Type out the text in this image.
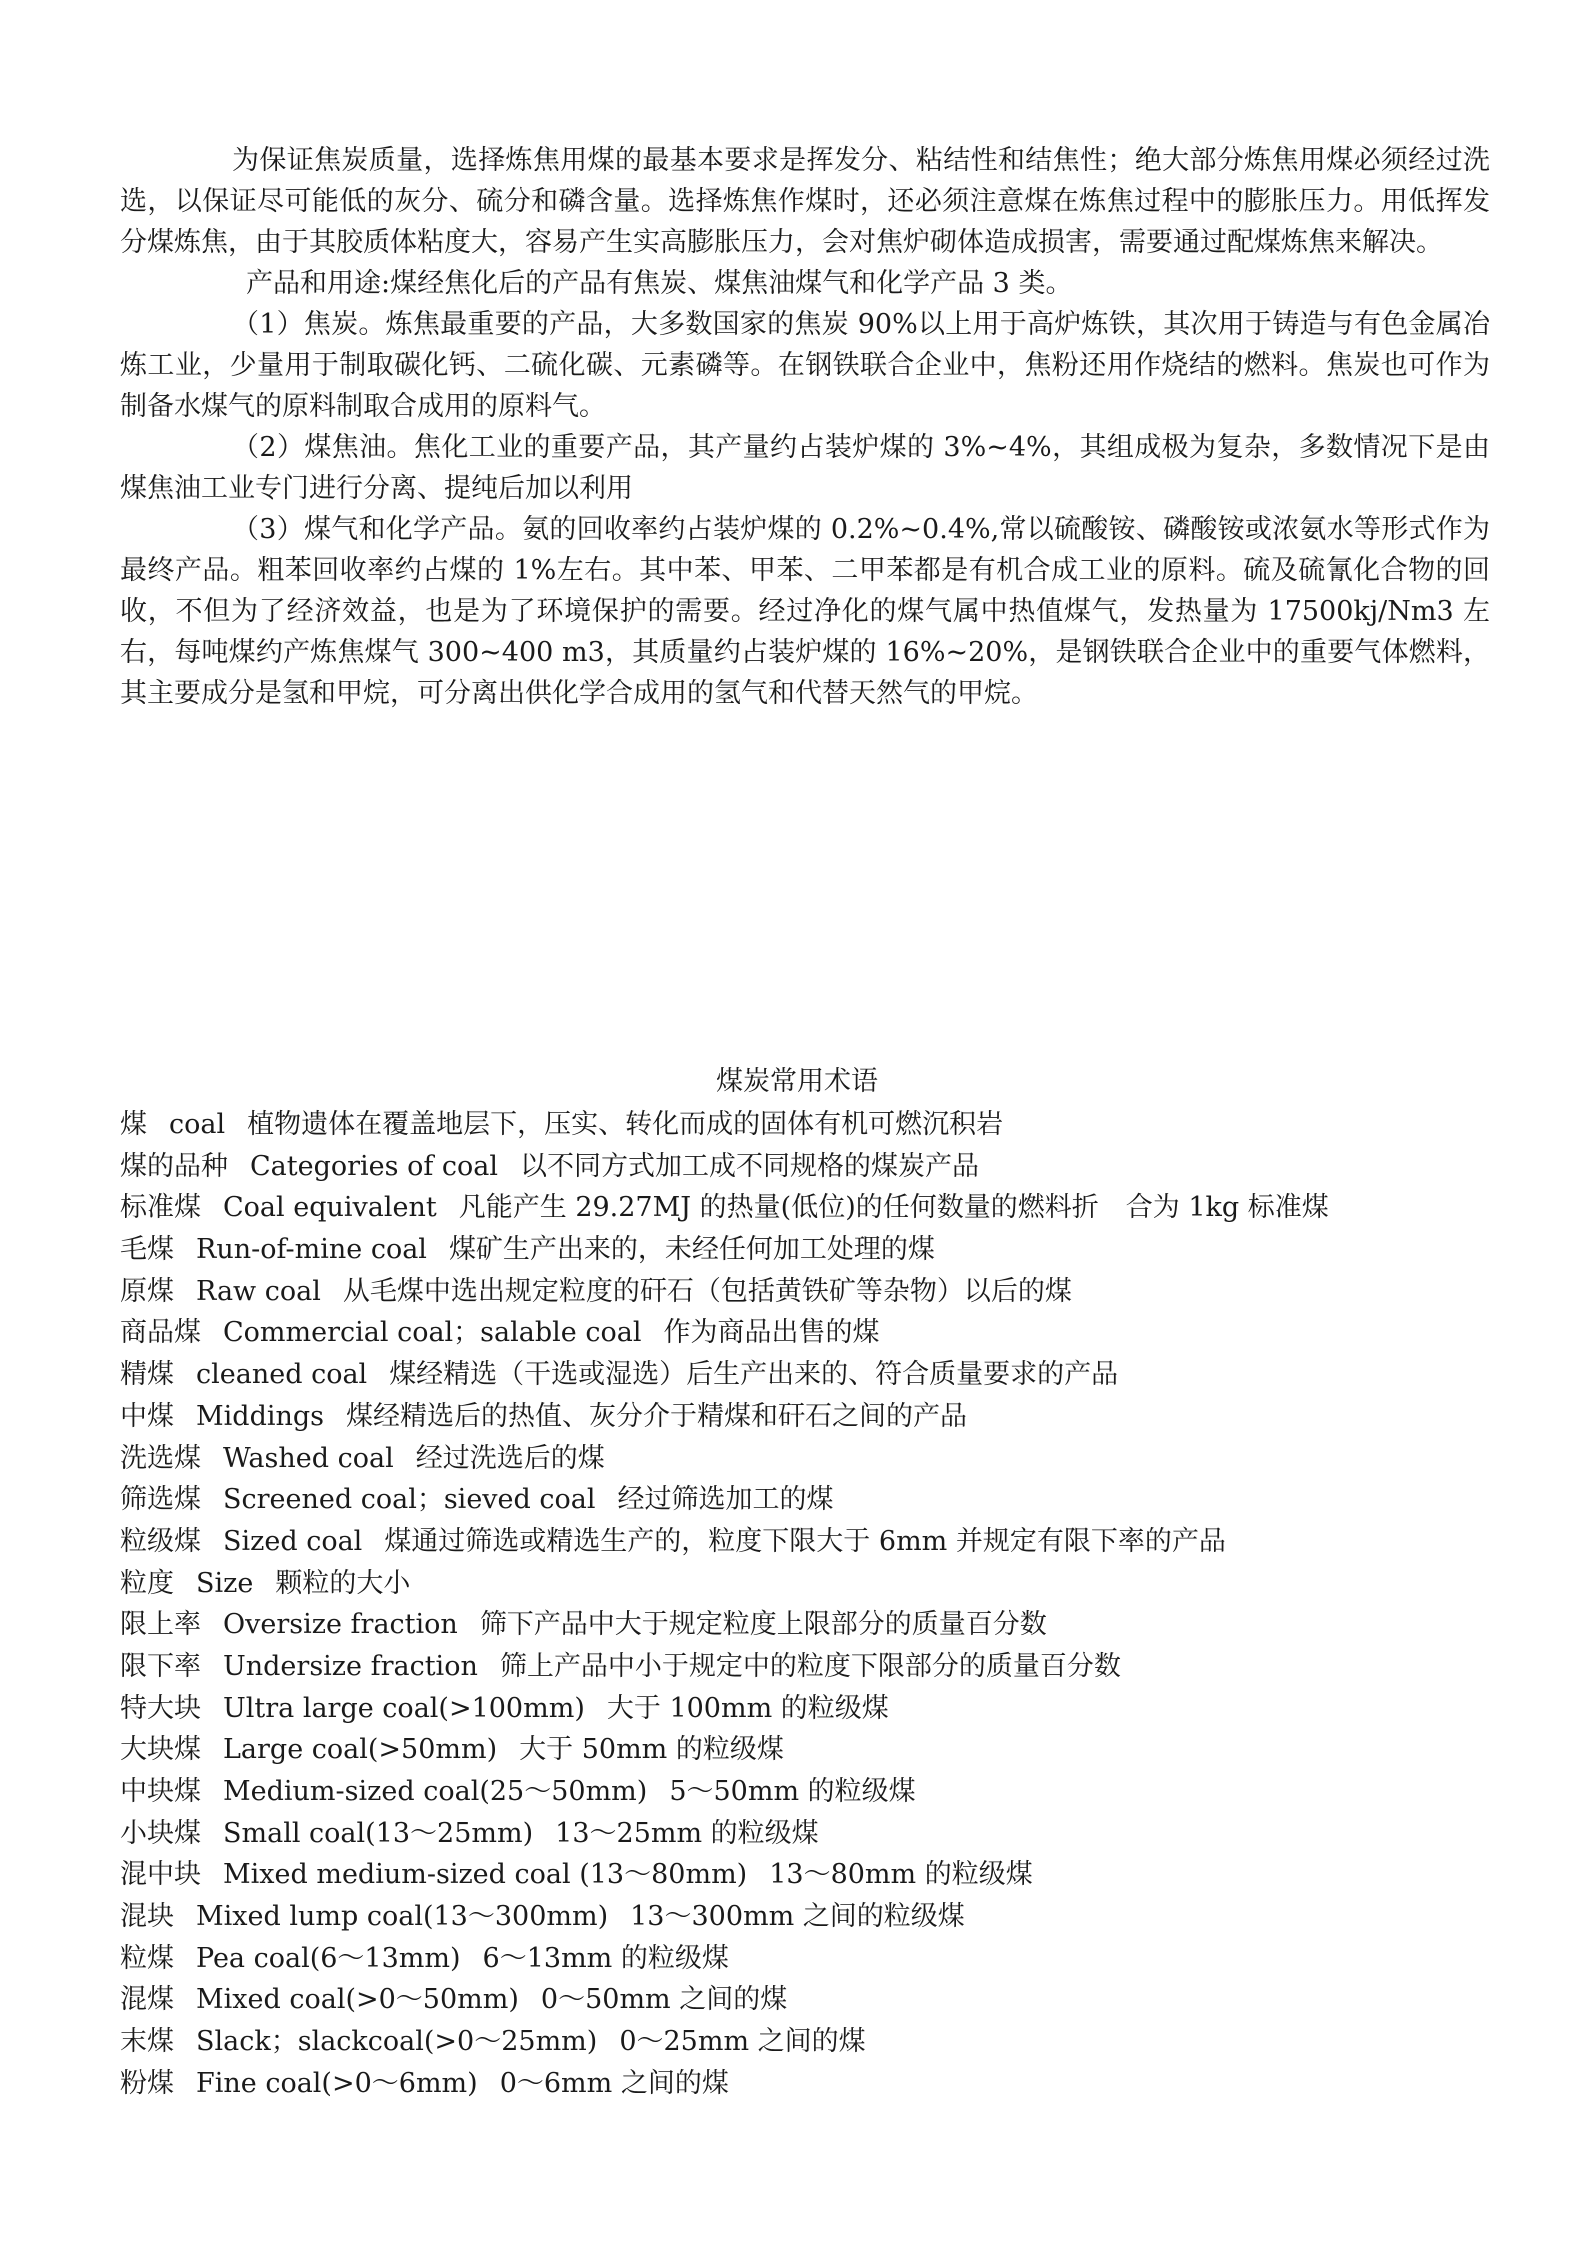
为保证焦炭质量，选择炼焦用煤的最基本要求是挥发分、粘结性和结焦性；绝大部分炼焦用煤必须经过洗选，以保证尽可能低的灰分、硫分和磷含量。选择炼焦作煤时，还必须注意煤在炼焦过程中的膨胀压力。用低挥发分煤炼焦，由于其胶质体粘度大，容易产生实高膨胀压力，会对焦炉砌体造成损害，需要通过配煤炼焦来解决。

产品和用途:煤经焦化后的产品有焦炭、煤焦油煤气和化学产品 3 类。

（1）焦炭。炼焦最重要的产品，大多数国家的焦炭 90%以上用于高炉炼铁，其次用于铸造与有色金属冶炼工业，少量用于制取碳化钙、二硫化碳、元素磷等。在钢铁联合企业中，焦粉还用作烧结的燃料。焦炭也可作为制备水煤气的原料制取合成用的原料气。

（2）煤焦油。焦化工业的重要产品，其产量约占装炉煤的 3%~4%，其组成极为复杂，多数情况下是由煤焦油工业专门进行分离、提纯后加以利用

（3）煤气和化学产品。氨的回收率约占装炉煤的 0.2%~0.4%,常以硫酸铵、磷酸铵或浓氨水等形式作为最终产品。粗苯回收率约占煤的 1%左右。其中苯、甲苯、二甲苯都是有机合成工业的原料。硫及硫氰化合物的回收，不但为了经济效益，也是为了环境保护的需要。经过净化的煤气属中热值煤气，发热量为 17500kj/Nm3 左右，每吨煤约产炼焦煤气 300~400 m3，其质量约占装炉煤的 16%~20%，是钢铁联合企业中的重要气体燃料，其主要成分是氢和甲烷，可分离出供化学合成用的氢气和代替天然气的甲烷。

煤炭常用术语

煤 coal 植物遗体在覆盖地层下，压实、转化而成的固体有机可燃沉积岩
煤的品种 Categories of coal 以不同方式加工成不同规格的煤炭产品
标准煤 Coal equivalent 凡能产生 29.27MJ 的热量(低位)的任何数量的燃料折　合为 1kg 标准煤
毛煤 Run-of-mine coal 煤矿生产出来的，未经任何加工处理的煤
原煤 Raw coal 从毛煤中选出规定粒度的矸石（包括黄铁矿等杂物）以后的煤
商品煤 Commercial coal；salable coal 作为商品出售的煤
精煤 cleaned coal 煤经精选（干选或湿选）后生产出来的、符合质量要求的产品
中煤 Middings 煤经精选后的热值、灰分介于精煤和矸石之间的产品
洗选煤 Washed coal 经过洗选后的煤
筛选煤 Screened coal；sieved coal 经过筛选加工的煤
粒级煤 Sized coal 煤通过筛选或精选生产的，粒度下限大于 6mm 并规定有限下率的产品
粒度 Size 颗粒的大小
限上率 Oversize fraction 筛下产品中大于规定粒度上限部分的质量百分数
限下率 Undersize fraction 筛上产品中小于规定中的粒度下限部分的质量百分数
特大块 Ultra large coal(>100mm) 大于 100mm 的粒级煤
大块煤 Large coal(>50mm) 大于 50mm 的粒级煤
中块煤 Medium-sized coal(25～50mm) 5～50mm 的粒级煤
小块煤 Small coal(13～25mm) 13～25mm 的粒级煤
混中块 Mixed medium-sized coal (13～80mm) 13～80mm 的粒级煤
混块 Mixed lump coal(13～300mm) 13～300mm 之间的粒级煤
粒煤 Pea coal(6～13mm) 6～13mm 的粒级煤
混煤 Mixed coal(>0～50mm) 0～50mm 之间的煤
末煤 Slack；slackcoal(>0～25mm) 0～25mm 之间的煤
粉煤 Fine coal(>0～6mm) 0～6mm 之间的煤
